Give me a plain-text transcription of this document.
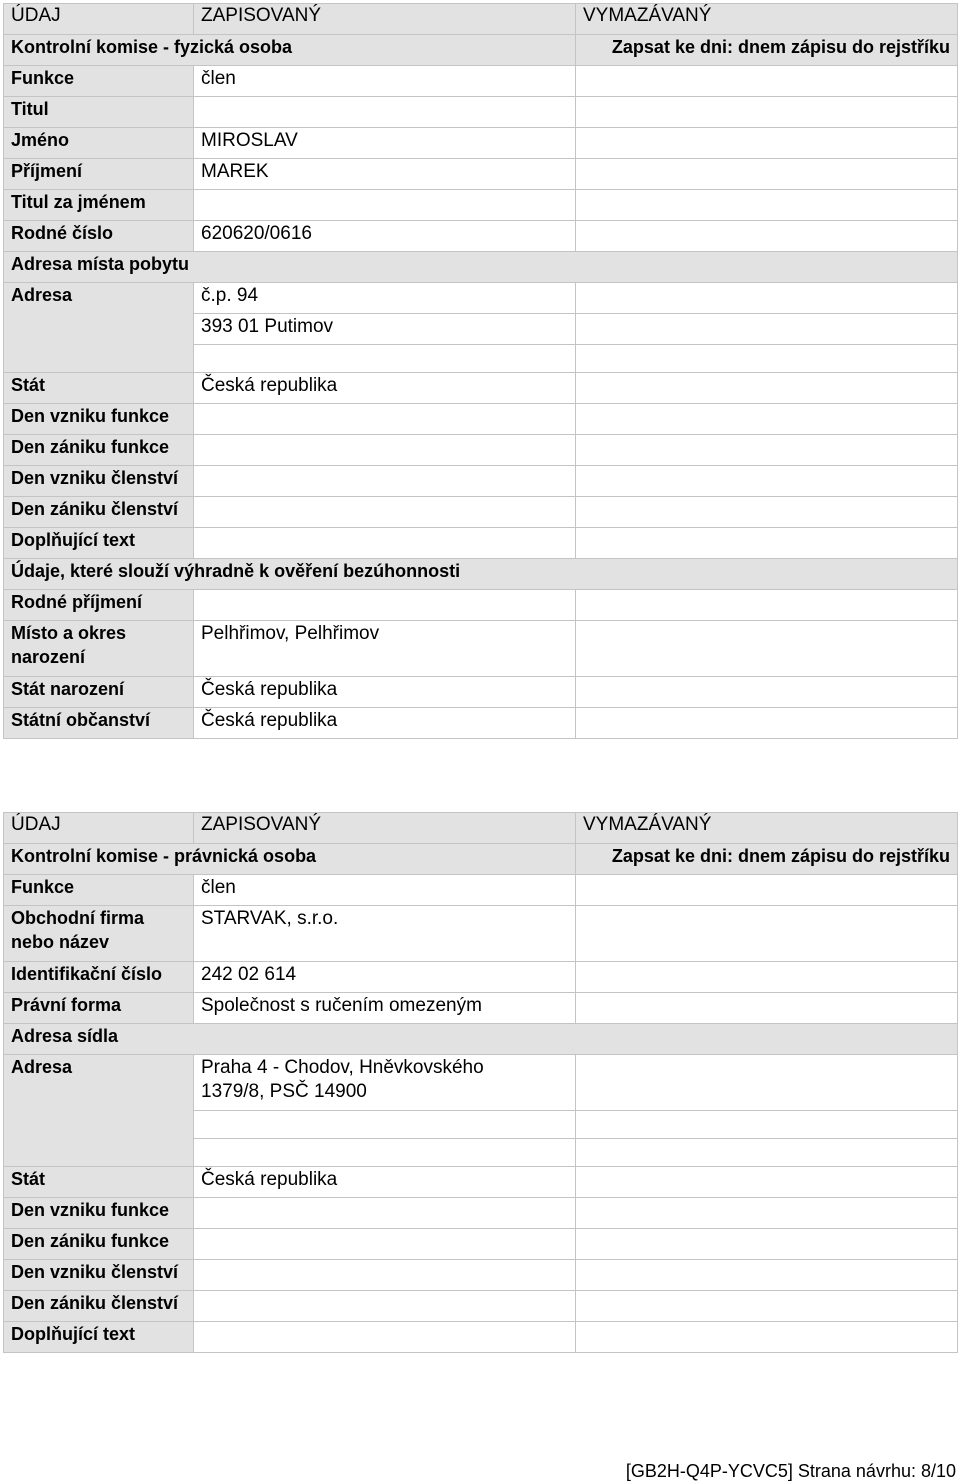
ÚDAJ	ZAPISOVANÝ	VYMAZÁVANÝ
Kontrolní komise - fyzická osoba		Zapsat ke dni: dnem zápisu do rejstříku
Funkce	člen	
Titul		
Jméno	MIROSLAV	
Příjmení	MAREK	
Titul za jménem		
Rodné číslo	620620/0616	
Adresa místa pobytu		
Adresa	č.p. 94	
	393 01 Putimov	

Stát	Česká republika	
Den vzniku funkce		
Den zániku funkce		
Den vzniku členství		
Den zániku členství		
Doplňující text		
Údaje, které slouží výhradně k ověření bezúhonnosti		
Rodné příjmení		

Místo a okres
narození	Pelhřimov, Pelhřimov	
Stát narození	Česká republika	
Státní občanství	Česká republika	
ÚDAJ	ZAPISOVANÝ	VYMAZÁVANÝ
Kontrolní komise - právnická osoba		Zapsat ke dni: dnem zápisu do rejstříku
Funkce	člen	

Obchodní firma
nebo název	STARVAK, s.r.o.	
Identifikační číslo	242 02 614	
Právní forma	Společnost s ručením omezeným	
Adresa sídla		
Adresa	Praha 4 - Chodov, Hněvkovského
1379/8, PSČ 14900	

Stát	Česká republika	
Den vzniku funkce		
Den zániku funkce		
Den vzniku členství		
Den zániku členství		
Doplňující text		
[GB2H-Q4P-YCVC5] Strana návrhu: 8/10
